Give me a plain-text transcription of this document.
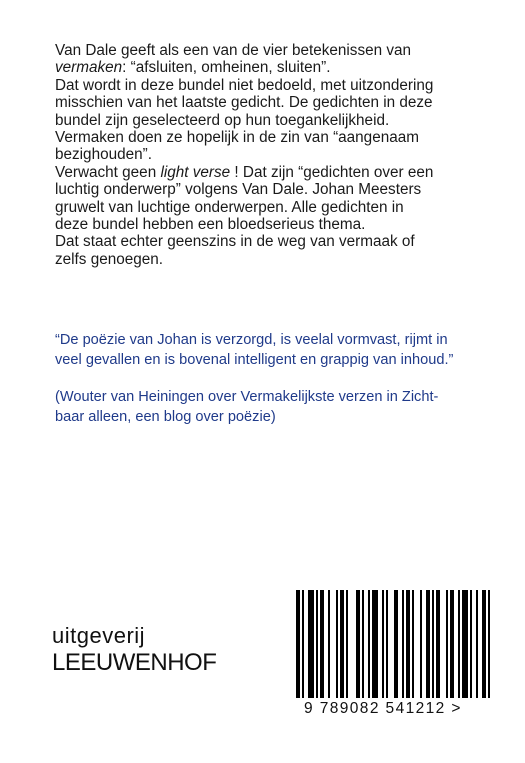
Van Dale geeft als een van de vier betekenissen van

vermaken: “afsluiten, omheinen, sluiten”.

Dat wordt in deze bundel niet bedoeld, met uitzondering

misschien van het laatste gedicht. De gedichten in deze

bundel zijn geselecteerd op hun toegankelijkheid.

Vermaken doen ze hopelijk in de zin van “aangenaam

bezighouden”.

Verwacht geen light verse ! Dat zijn “gedichten over een

luchtig onderwerp” volgens Van Dale. Johan Meesters

gruwelt van luchtige onderwerpen. Alle gedichten in

deze bundel hebben een bloedserieus thema.

Dat staat echter geenszins in de weg van vermaak of

zelfs genoegen.

“De poëzie van Johan is verzorgd, is veelal vormvast, rijmt in

veel gevallen en is bovenal intelligent en grappig van inhoud.”

(Wouter van Heiningen over Vermakelijkste verzen in Zicht-

baar alleen, een blog over poëzie)

uitgeverij
LEEUWENHOF
9 789082 541212 >
